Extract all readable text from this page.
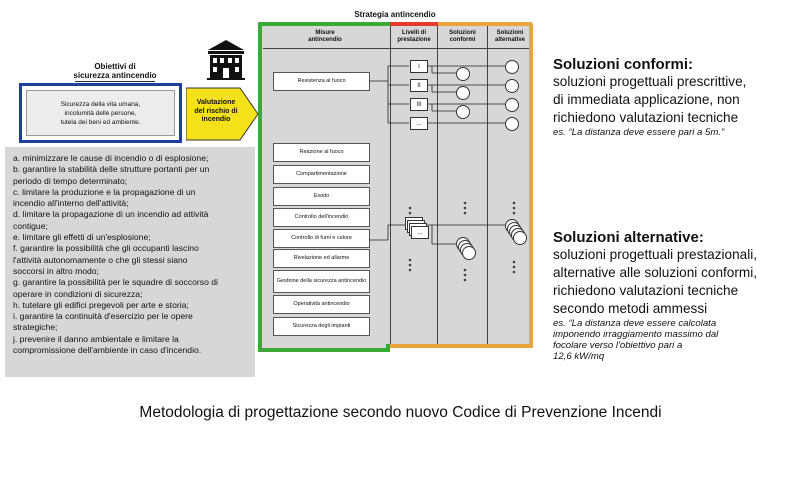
Strategia antincendio
Misure
antincendio
Livelli di
prestazione
Soluzioni
conformi
Soluzioni
alternative
Resistenza al fuoco
Reazione al fuoco
Compartimentazione
Esodo
Controllo dell'incendio
Controllo di fumi e calore
Rivelazione ed allarme
Gestione della sicurezza antincendio
Operatività antincendio
Sicurezza degli impianti
I
II
III
...
...
Obiettivi di
sicurezza antincendio
Sicurezza della vita umana,
incolumità delle persone,
tutela dei beni ed ambiente.
Valutazione
del rischio di
incendio
a. minimizzare le cause di incendio o di esplosione;
b. garantire la stabilità delle strutture portanti per un
periodo di tempo determinato;
c. limitare la produzione e la propagazione di un
incendio all'interno dell'attività;
d. limitare la propagazione di un incendio ad attività
contigue;
e. limitare gli effetti di un'esplosione;
f. garantire la possibilità che gli occupanti lascino
l'attività autonomamente o che gli stessi siano
soccorsi in altro modo;
g. garantire la possibilità per le squadre di soccorso di
operare in condizioni di sicurezza;
h. tutelare gli edifici pregevoli per arte e storia;
i. garantire la continuità d'esercizio per le opere
strategiche;
j. prevenire il danno ambientale e limitare la
compromissione dell'ambiente in caso d'incendio.
Soluzioni conformi:
soluzioni progettuali prescrittive,
di immediata applicazione, non
richiedono valutazioni tecniche
es. “La distanza deve essere pari a 5m.”
Soluzioni alternative:
soluzioni progettuali prestazionali,
alternative alle soluzioni conformi,
richiedono valutazioni tecniche
secondo metodi ammessi
es. “La distanza deve essere calcolata
imponendo irraggiamento massimo dal
focolare verso l'obiettivo pari a
12,6 kW/mq
Metodologia di progettazione secondo nuovo Codice di Prevenzione Incendi
